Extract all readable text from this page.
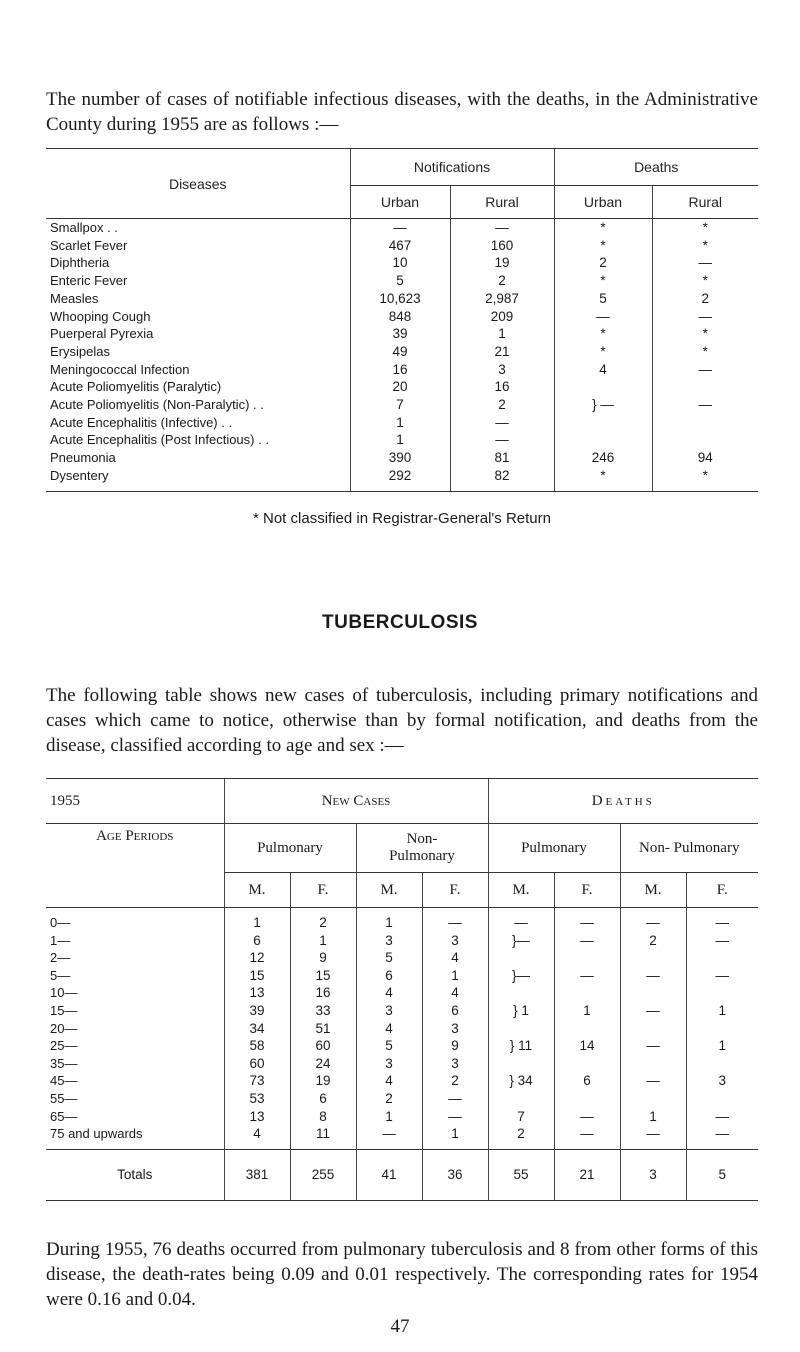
The number of cases of notifiable infectious diseases, with the deaths, in the Administrative County during 1955 are as follows :—

Diseases	Notifications		Deaths	
	Urban	Rural	Urban	Rural
Smallpox . .	—	—	*	*
Scarlet Fever	467	160	*	*
Diphtheria	10	19	2	—
Enteric Fever	5	2	*	*
Measles	10,623	2,987	5	2
Whooping Cough	848	209	—	—
Puerperal Pyrexia	39	1	*	*
Erysipelas	49	21	*	*
Meningococcal Infection	16	3	4	—
Acute Poliomyelitis (Paralytic)	20	16		
Acute Poliomyelitis (Non-Paralytic) . .	7	2	} —	—
Acute Encephalitis (Infective) . .	1	—		
Acute Encephalitis (Post Infectious) . .	1	—		
Pneumonia	390	81	246	94
Dysentery	292	82	*	*
* Not classified in Registrar-General's Return
TUBERCULOSIS

The following table shows new cases of tuberculosis, including primary notifications and cases which came to notice, otherwise than by formal notification, and deaths from the disease, classified according to age and sex :—

1955	New Cases				Deaths			
Age Periods	Pulmonary		Non- Pulmonary		Pulmonary		Non- Pulmonary	
	M.	F.	M.	F.	M.	F.	M.	F.
0—	1	2	1	—	—	—	—	—
1—	6	1	3	3	}—	—	2	—
2—	12	9	5	4				
5—	15	15	6	1	}—	—	—	—
10—	13	16	4	4				
15—	39	33	3	6	} 1	1	—	1
20—	34	51	4	3				
25—	58	60	5	9	} 11	14	—	1
35—	60	24	3	3				
45—	73	19	4	2	} 34	6	—	3
55—	53	6	2	—				
65—	13	8	1	—	7	—	1	—
75 and upwards	4	11	—	1	2	—	—	—
Totals	381	255	41	36	55	21	3	5

During 1955, 76 deaths occurred from pulmonary tuberculosis and 8 from other forms of this disease, the death-rates being 0.09 and 0.01 respectively. The corresponding rates for 1954 were 0.16 and 0.04.

47
